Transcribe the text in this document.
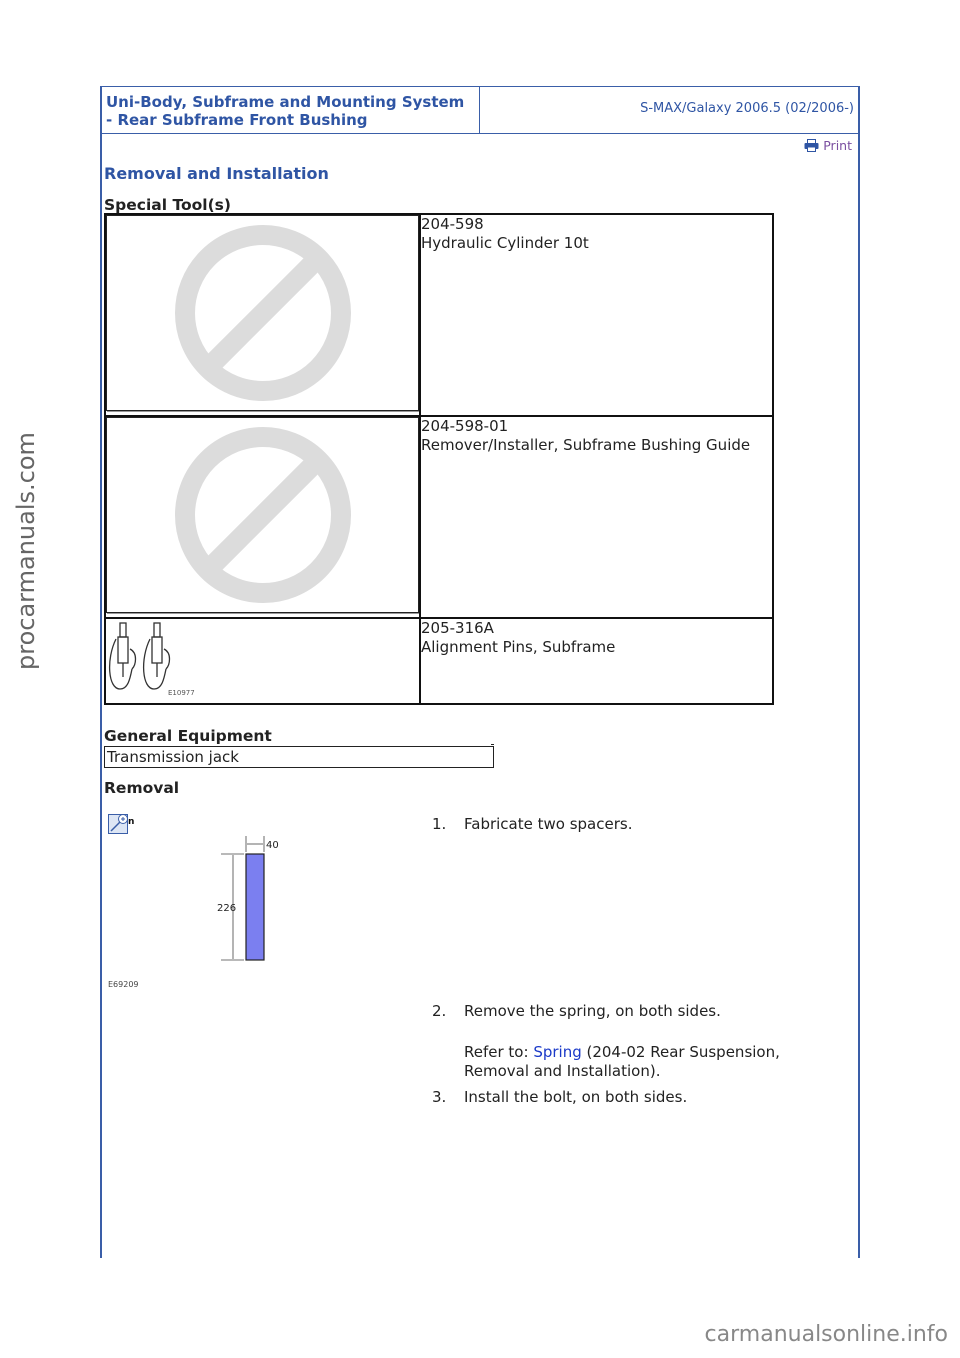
Uni-Body, Subframe and Mounting System
- Rear Subframe Front Bushing
S-MAX/Galaxy 2006.5 (02/2006-)
Print
Removal and Installation
Special Tool(s)

204-598
Hydraulic Cylinder 10t

204-598-01
Remover/Installer, Subframe Bushing Guide

E10977	205-316A
Alignment Pins, Subframe
General Equipment
Transmission jack
Removal
n
40
226
E69209
1.	Fabricate two spacers.
2.	Remove the spring, on both sides.
Refer to: Spring (204-02 Rear Suspension, Removal and Installation).
3.	Install the bolt, on both sides.
procarmanuals.com
carmanualsonline.info
